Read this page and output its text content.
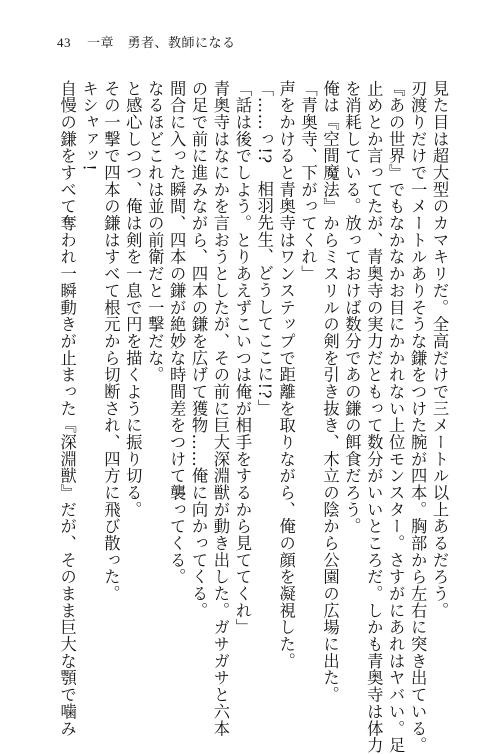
43 一章　勇者、教師になる
見た目は超大型のカマキリだ。全高だけで三メートル以上あるだろう。
刃渡りだけで一メートルありそうな鎌をつけた腕が四本。胸部から左右に突き出ている。
『あの世界』でもなかなかお目にかかれない上位モンスター。さすがにあれはヤバい。足
止めとか言ってたが、青奥寺の実力だともって数分がいいところだ。しかも青奥寺は体力
を消耗している。放っておけば数分であの鎌の餌食だろう。
俺は『空間魔法』からミスリルの剣を引き抜き、木立の陰から公園の広場に出た。
「青奥寺、下がってくれ」
声をかけると青奥寺はワンステップで距離を取りながら、俺の顔を凝視した。
「……っ!?　相羽先生、どうしてここに!?」
「話は後でしよう。とりあえずこいつは俺が相手をするから見ててくれ」
青奥寺はなにかを言おうとしたが、その前に巨大深淵獣が動き出した。ガサガサと六本
の足で前に進みながら、四本の鎌を広げて獲物……俺に向かってくる。
間合に入った瞬間、四本の鎌が絶妙な時間差をつけて襲ってくる。
なるほどこれは並の前衛だと一撃だな。
と感心しつつ、俺は剣を一息で円を描くように振り切る。
その一撃で四本の鎌はすべて根元から切断され、四方に飛び散った。
キシャァッ!
自慢の鎌をすべて奪われ一瞬動きが止まった『深淵獣』だが、そのまま巨大な顎で噛み
